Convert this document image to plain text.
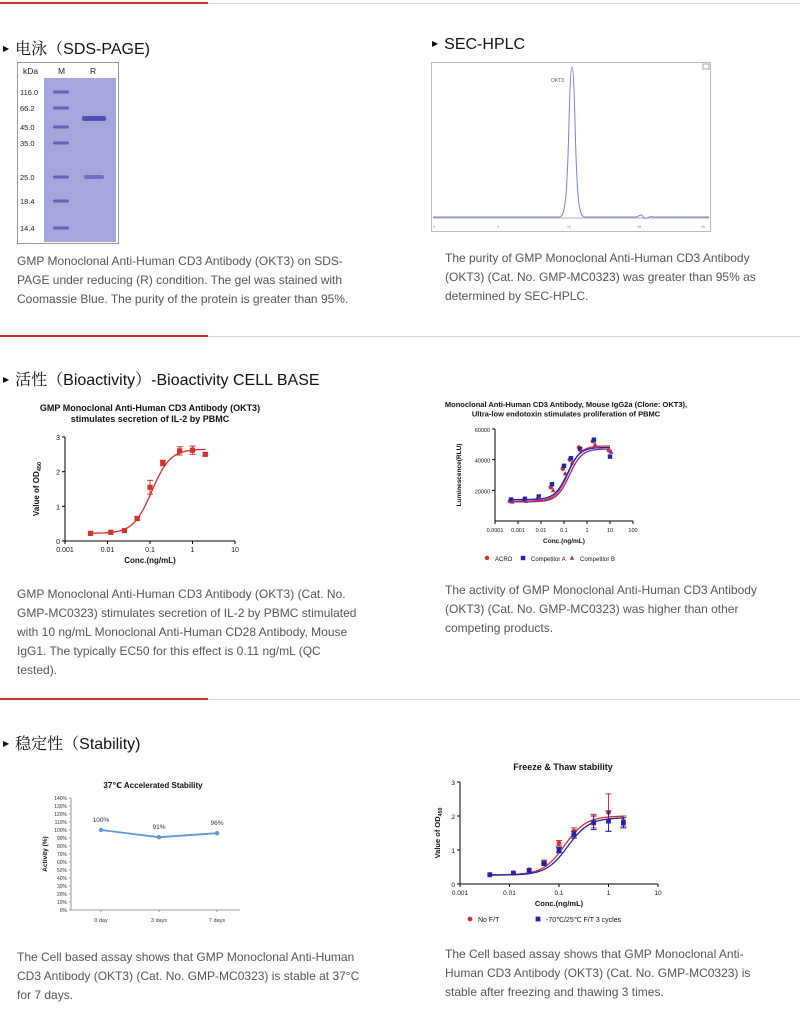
▶ 电泳（SDS-PAGE)	▶ SEC-HPLC
kDa M	R
116.0
66.2
45.0
35.0
25.0
18.4
14.4
OKT3
0	5	10	15	20
GMP Monoclonal Anti-Human CD3 Antibody (OKT3) on SDS-PAGE under reducing (R) condition. The gel was stained with Coomassie Blue. The purity of the protein is greater than 95%.
The purity of GMP Monoclonal Anti-Human CD3 Antibody (OKT3) (Cat. No. GMP-MC0323) was greater than 95% as determined by SEC-HPLC.
▶ 活性（Bioactivity）-Bioactivity CELL BASE
GMP Monoclonal Anti-Human CD3 Antibody (OKT3)
stimulates secretion of IL-2 by PBMC
0.001	0.01	0.1	1	10
0
1
2
3
Conc.(ng/mL)
Value of $OD_{450}$
Monoclonal Anti-Human CD3 Antibody, Mouse IgG2a (Clone: OKT3),
Ultra-low endotoxin stimulates proliferation of PBMC
0.0001 0.001 0.01	0.1	1	10	100
20000
40000
60000
Conc.(ng/mL)
Luminescence(RLU)
ACRO	Competitor A Competitor B
GMP Monoclonal Anti-Human CD3 Antibody (OKT3) (Cat. No. GMP-MC0323) stimulates secretion of IL-2 by PBMC stimulated with 10 ng/mL Monoclonal Anti-Human CD28 Antibody, Mouse IgG1. The typically EC50 for this effect is 0.11 ng/mL (QC tested).
The activity of GMP Monoclonal Anti-Human CD3 Antibody (OKT3) (Cat. No. GMP-MC0323) was higher than other competing products.
▶ 稳定性（Stability)
37℃ Accelerated Stability
0%
10%
20%
30%
40%
50%
60%
70%
80%
90%
100%
110%
120%
130%
140%
Activity (%)
100%
0 day
91%
3 days
96%
7 days
Freeze & Thaw stability
0.001	0.01	0.1	1	10
0
1
2
3
Conc.(ng/mL)
Value of $OD_{450}$
No F/T	-70℃/25℃ F/T 3 cycles
The Cell based assay shows that GMP Monoclonal Anti-Human CD3 Antibody (OKT3) (Cat. No. GMP-MC0323) is stable at 37°C for 7 days.
The Cell based assay shows that GMP Monoclonal Anti-Human CD3 Antibody (OKT3) (Cat. No. GMP-MC0323) is stable after freezing and thawing 3 times.
